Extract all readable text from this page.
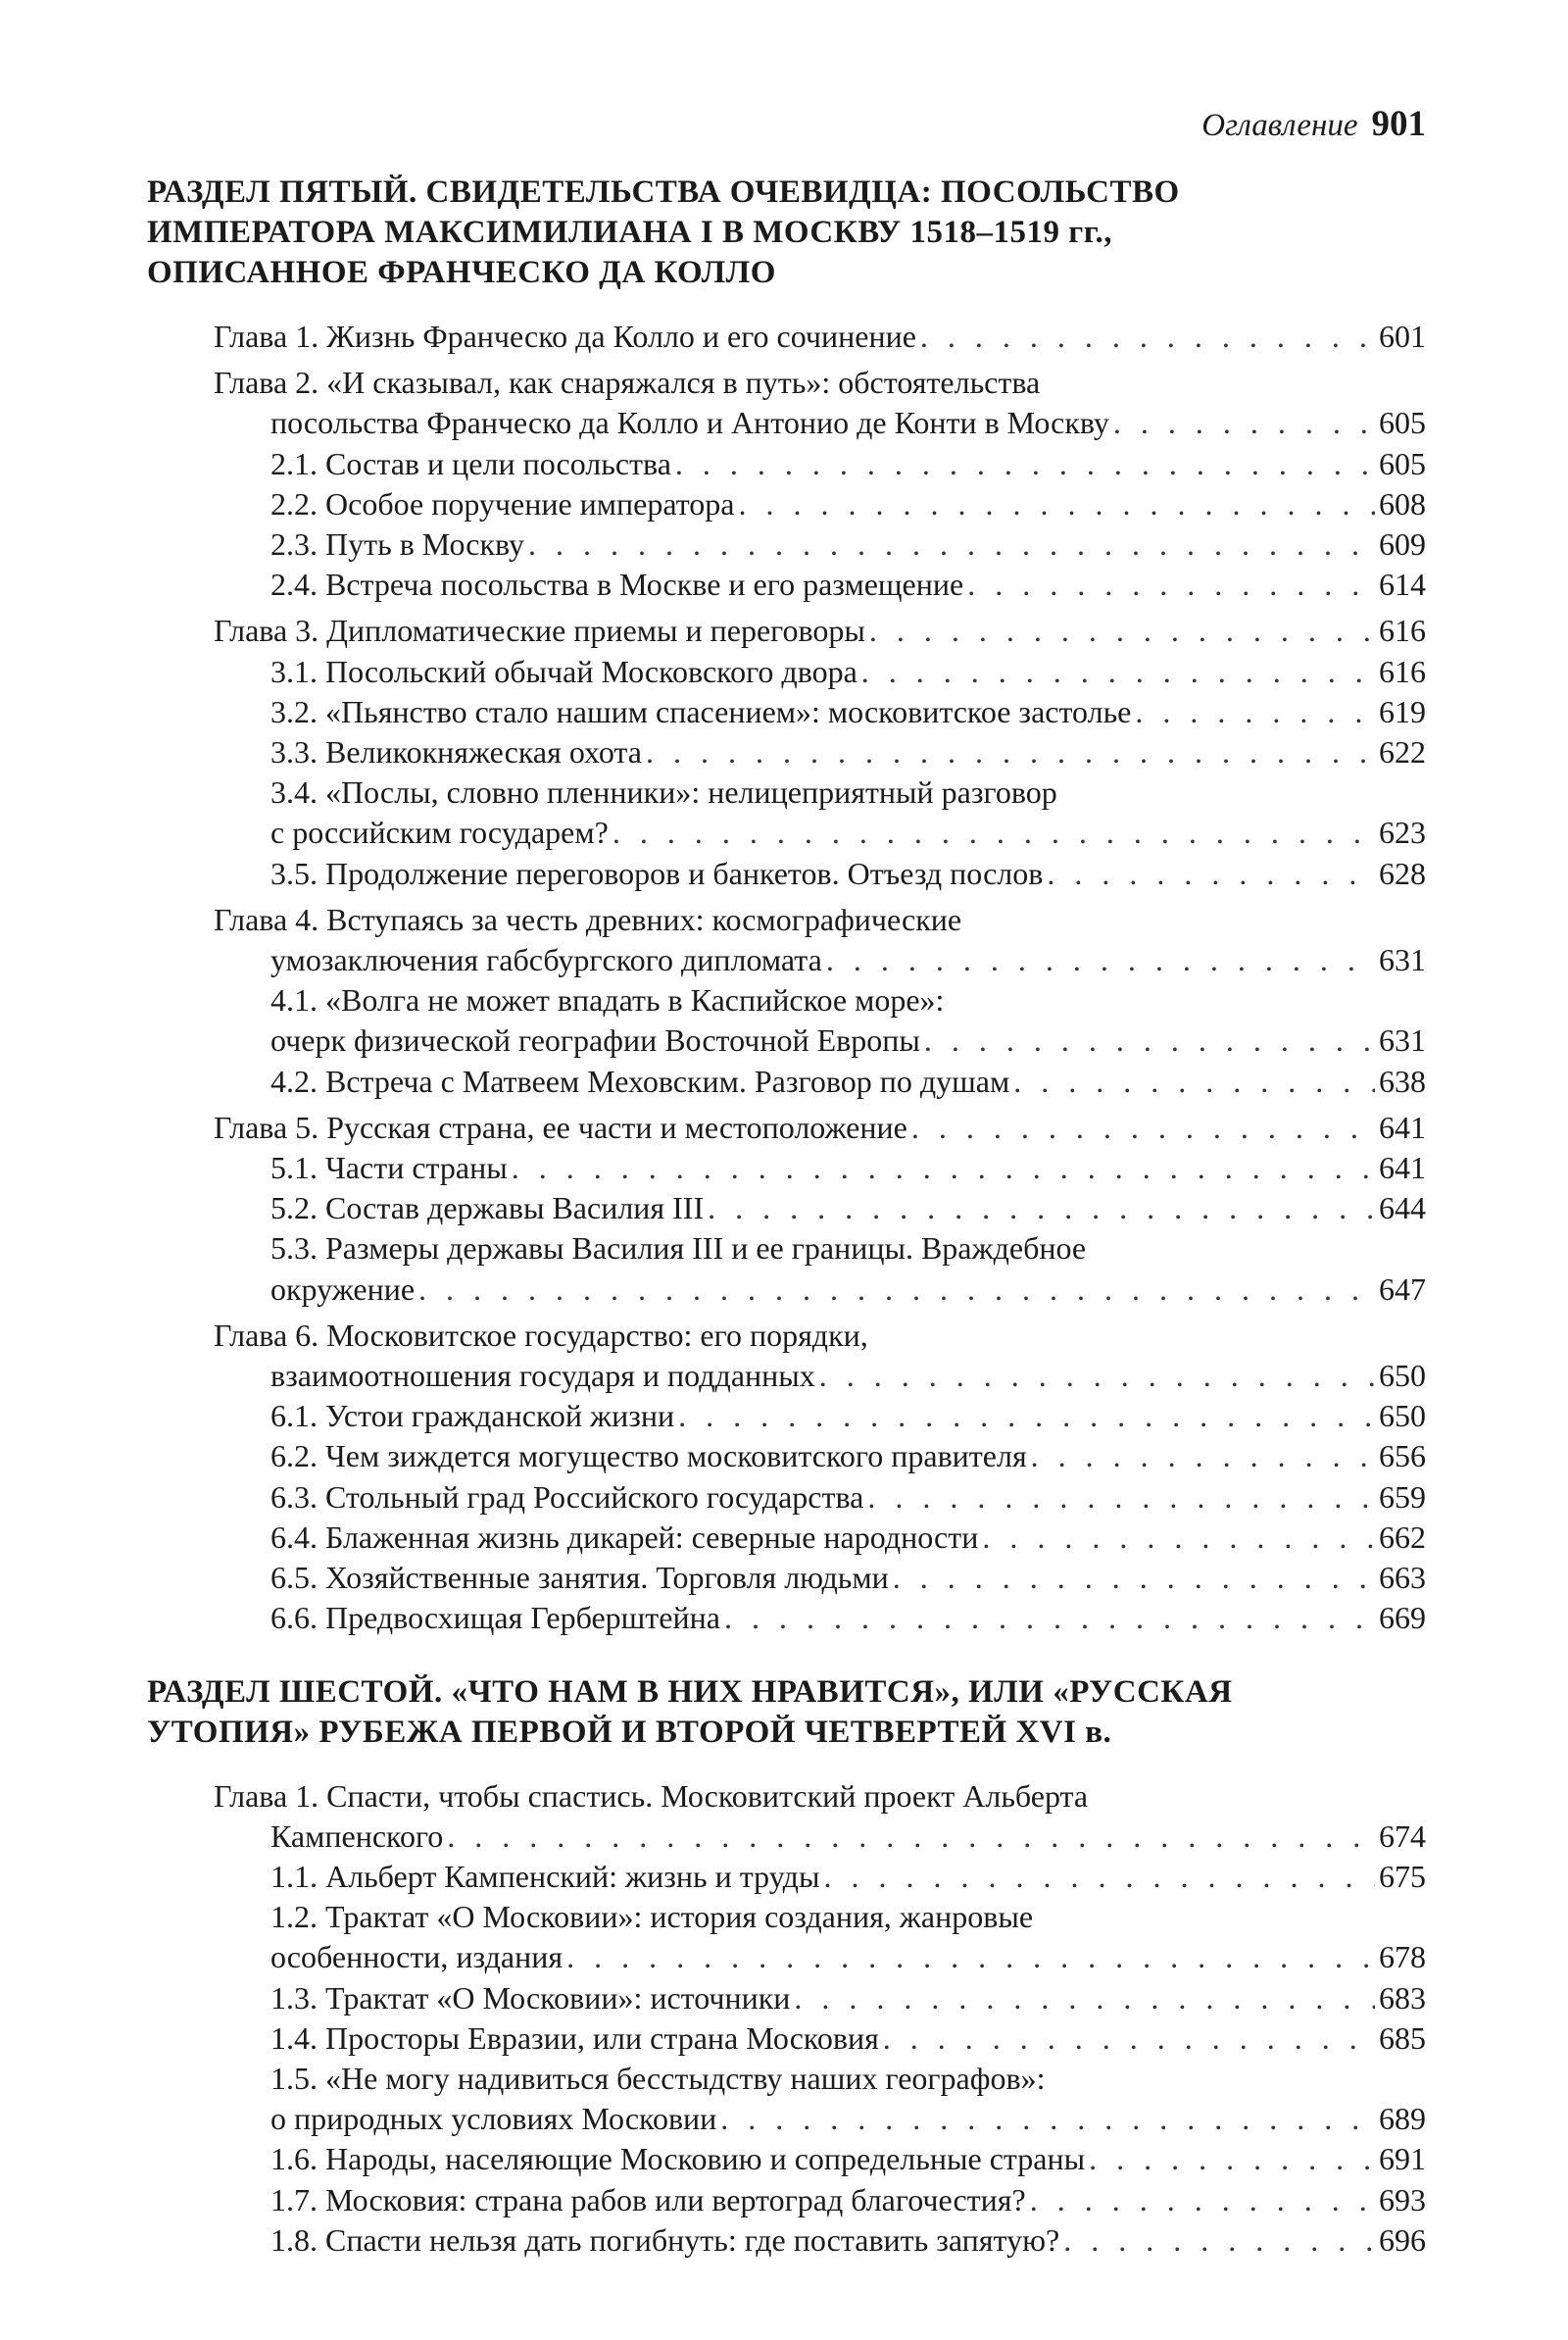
Оглавление 901
РАЗДЕЛ ПЯТЫЙ. СВИДЕТЕЛЬСТВА ОЧЕВИДЦА: ПОСОЛЬСТВО
ИМПЕРАТОРА МАКСИМИЛИАНА I В МОСКВУ 1518–1519 гг.,
ОПИСАННОЕ ФРАНЧЕСКО ДА КОЛЛО
Глава 1. Жизнь Франческо да Колло и его сочинение . . .	601
Глава 2. «И сказывал, как снаряжался в путь»: обстоятельства
посольства Франческо да Колло и Антонио де Конти в Москву . . .	605
2.1. Состав и цели посольства . . .	605
2.2. Особое поручение императора . . .	608
2.3. Путь в Москву . . .	609
2.4. Встреча посольства в Москве и его размещение . . .	614
Глава 3. Дипломатические приемы и переговоры . . .	616
3.1. Посольский обычай Московского двора . . .	616
3.2. «Пьянство стало нашим спасением»: московитское застолье . . .	619
3.3. Великокняжеская охота . . .	622
3.4. «Послы, словно пленники»: нелицеприятный разговор
с российским государем? . . .	623
3.5. Продолжение переговоров и банкетов. Отъезд послов . . .	628
Глава 4. Вступаясь за честь древних: космографические
умозаключения габсбургского дипломата . . .	631
4.1. «Волга не может впадать в Каспийское море»:
очерк физической географии Восточной Европы . . .	631
4.2. Встреча с Матвеем Меховским. Разговор по душам . . .	638
Глава 5. Русская страна, ее части и местоположение . . .	641
5.1. Части страны . . .	641
5.2. Состав державы Василия III . . .	644
5.3. Размеры державы Василия III и ее границы. Враждебное
окружение . . .	647
Глава 6. Московитское государство: его порядки,
взаимоотношения государя и подданных . . .	650
6.1. Устои гражданской жизни . . .	650
6.2. Чем зиждется могущество московитского правителя . . .	656
6.3. Стольный град Российского государства . . .	659
6.4. Блаженная жизнь дикарей: северные народности . . .	662
6.5. Хозяйственные занятия. Торговля людьми . . .	663
6.6. Предвосхищая Герберштейна . . .	669
РАЗДЕЛ ШЕСТОЙ. «ЧТО НАМ В НИХ НРАВИТСЯ», ИЛИ «РУССКАЯ
УТОПИЯ» РУБЕЖА ПЕРВОЙ И ВТОРОЙ ЧЕТВЕРТЕЙ XVI в.
Глава 1. Спасти, чтобы спастись. Московитский проект Альберта
Кампенского . . .	674
1.1. Альберт Кампенский: жизнь и труды . . .	675
1.2. Трактат «О Московии»: история создания, жанровые
особенности, издания . . .	678
1.3. Трактат «О Московии»: источники . . .	683
1.4. Просторы Евразии, или страна Московия . . .	685
1.5. «Не могу надивиться бесстыдству наших географов»:
о природных условиях Московии . . .	689
1.6. Народы, населяющие Московию и сопредельные страны . . .	691
1.7. Московия: страна рабов или вертоград благочестия? . . .	693
1.8. Спасти нельзя дать погибнуть: где поставить запятую? . . .	696
